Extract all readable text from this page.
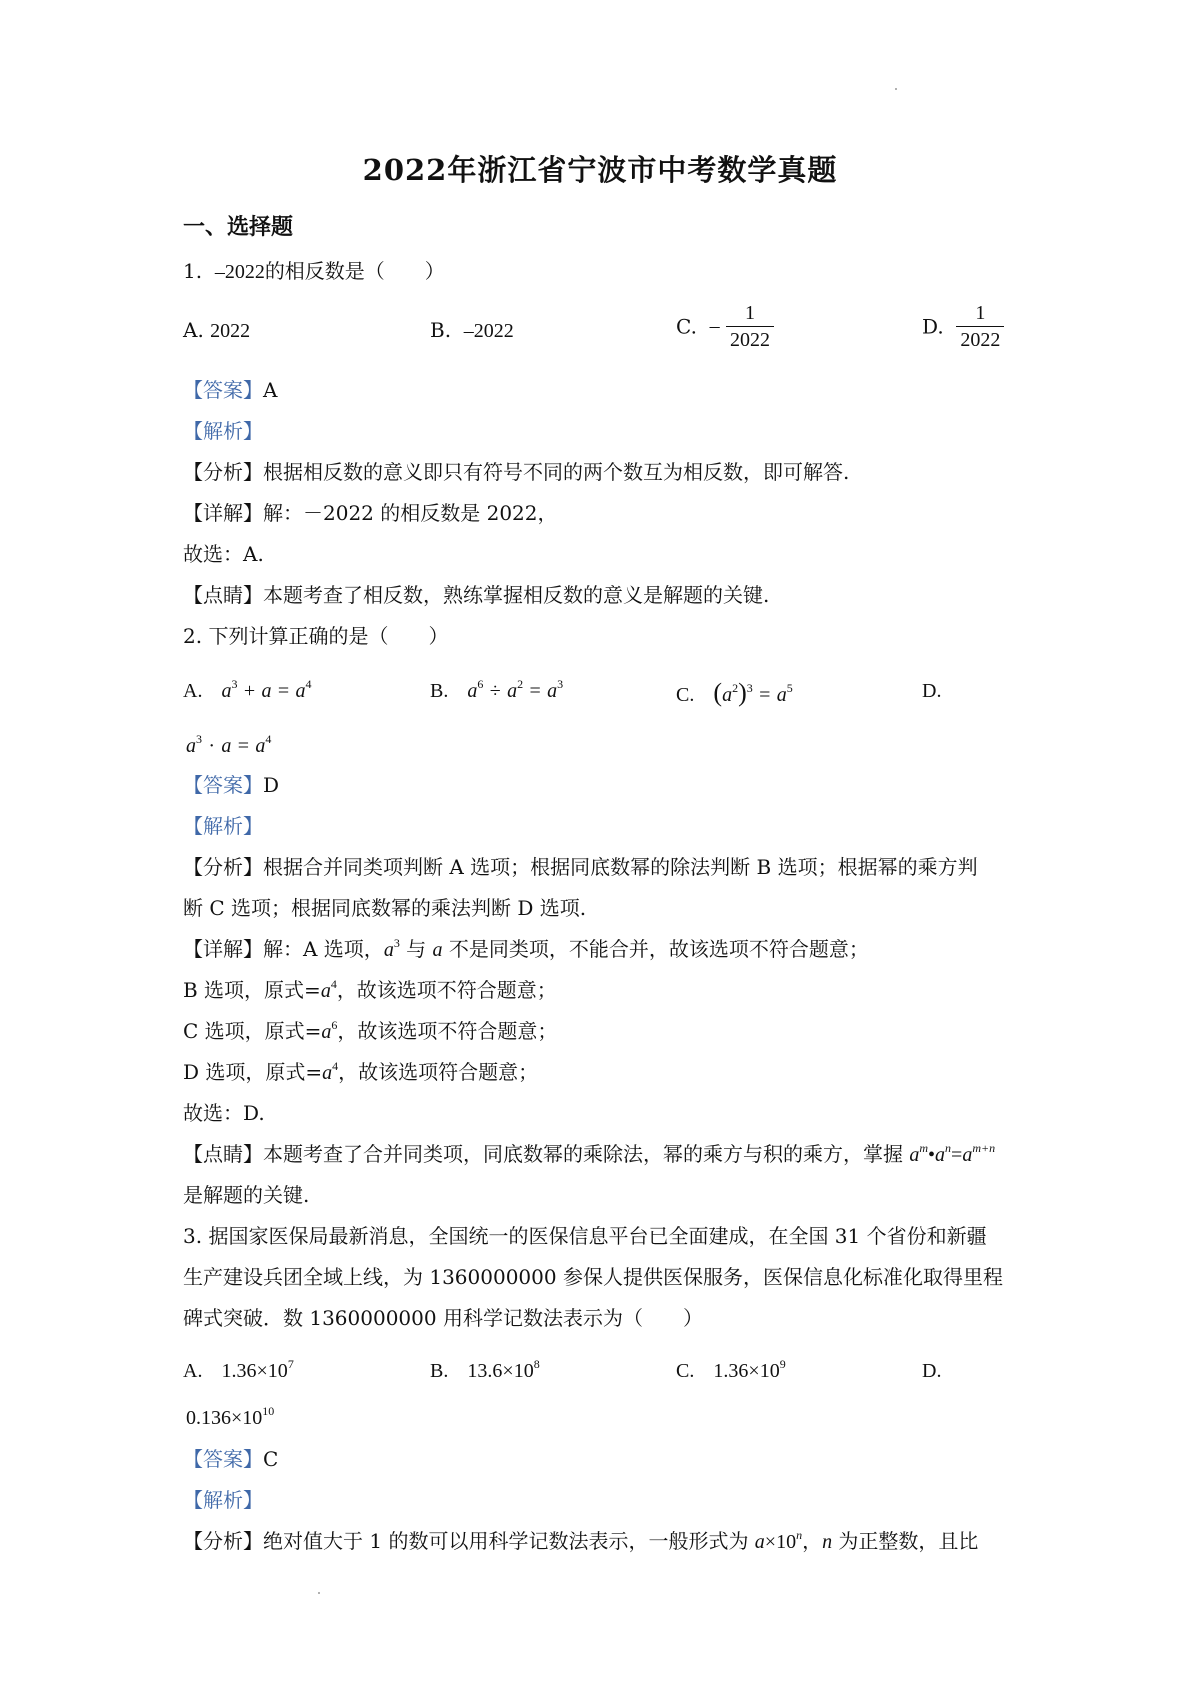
2022年浙江省宁波市中考数学真题
一、选择题
1. –2022的相反数是（　　）
A. 2022	B. –2022	C. – $\frac{1}{2022}$	D. $\frac{1}{2022}$
【答案】A
【解析】
【分析】根据相反数的意义即只有符号不同的两个数互为相反数，即可解答.
【详解】解：－2022 的相反数是 2022，
故选：A.
【点睛】本题考查了相反数，熟练掌握相反数的意义是解题的关键.
2. 下列计算正确的是（　　）
A. $a^3 + a = a^4$	B. $a^6 \div a^2 = a^3$	C. $(a^2)^3 = a^5$	D.
$a^3 \cdot a = a^4$
【答案】D
【解析】
【分析】根据合并同类项判断 A 选项；根据同底数幂的除法判断 B 选项；根据幂的乘方判
断 C 选项；根据同底数幂的乘法判断 D 选项.
【详解】解：A 选项，$a^3$ 与 a 不是同类项，不能合并，故该选项不符合题意；
B 选项，原式$=a^4$，故该选项不符合题意；
C 选项，原式$=a^6$，故该选项不符合题意；
D 选项，原式$=a^4$，故该选项符合题意；
故选：D.
【点睛】本题考查了合并同类项，同底数幂的乘除法，幂的乘方与积的乘方，掌握 $a^m•a^n=a^{m+n}$
是解题的关键.
3. 据国家医保局最新消息，全国统一的医保信息平台已全面建成，在全国 31 个省份和新疆
生产建设兵团全域上线，为 1360000000 参保人提供医保服务，医保信息化标准化取得里程
碑式突破．数 1360000000 用科学记数法表示为（　　）
A. $1.36\times 10^7$	B. $13.6\times 10^8$	C. $1.36\times 10^9$	D.
$0.136\times 10^{10}$
【答案】C
【解析】
【分析】绝对值大于 1 的数可以用科学记数法表示，一般形式为 $a\times 10^n$，n 为正整数，且比
